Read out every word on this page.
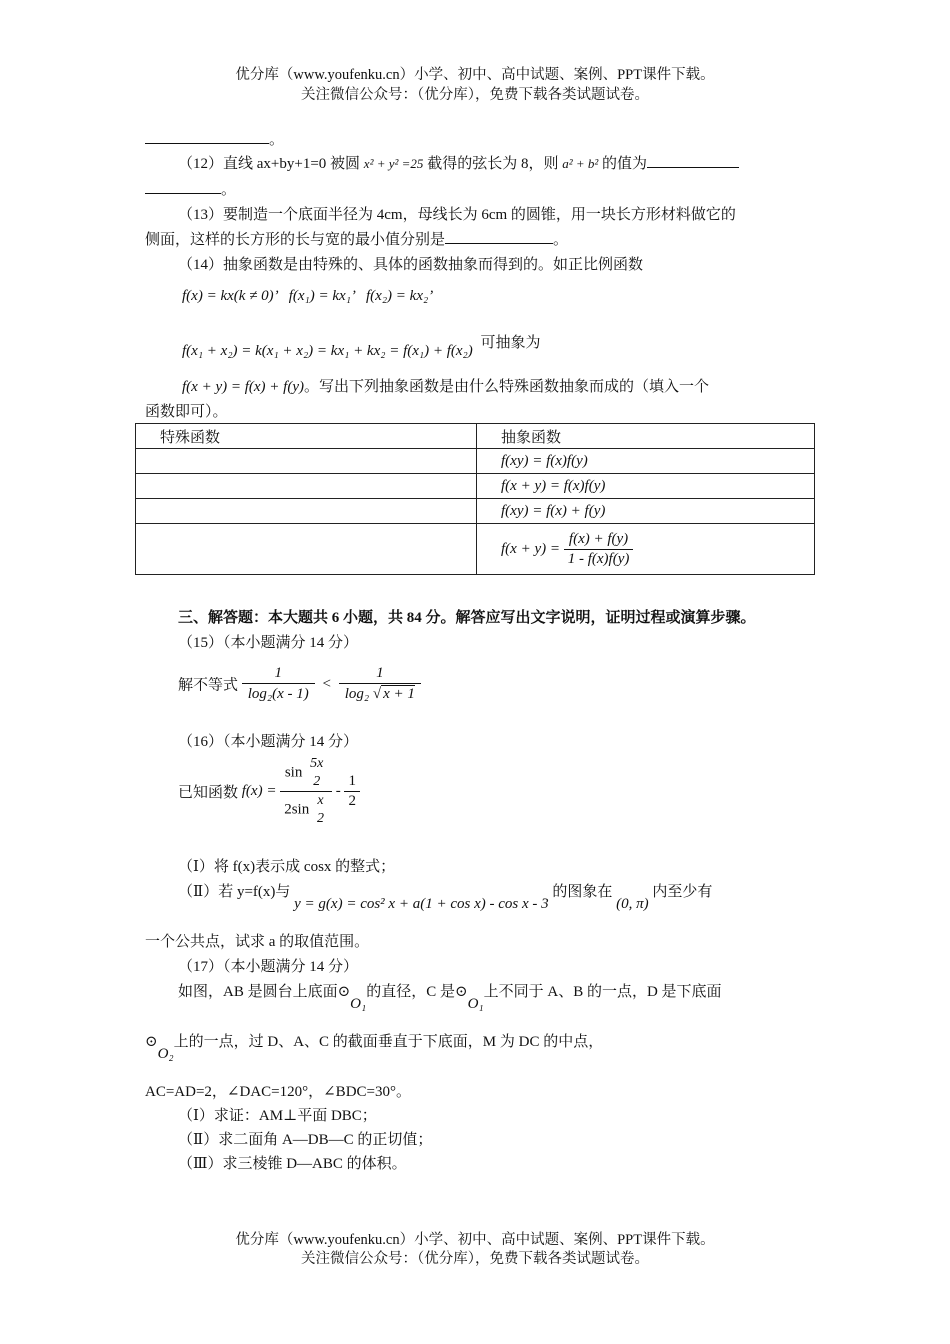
优分库（www.youfenku.cn）小学、初中、高中试题、案例、PPT课件下载。
关注微信公众号：（优分库），免费下载各类试题试卷。
。
（12）直线 ax+by+1=0 被圆 x² + y² =25 截得的弦长为 8，则 a² + b² 的值为
。
（13）要制造一个底面半径为 4cm，母线长为 6cm 的圆锥，用一块长方形材料做它的
侧面，这样的长方形的长与宽的最小值分别是	。
（14）抽象函数是由特殊的、具体的函数抽象而得到的。如正比例函数
f(x) = kx(k ≠ 0)’ f(x₁) = kx₁’ f(x₂) = kx₂’
f(x₁ + x₂) = k(x₁ + x₂) = kx₁ + kx₂ = f(x₁) + f(x₂) 可抽象为
f(x + y) = f(x) + f(y)。写出下列抽象函数是由什么特殊函数抽象而成的（填入一个
函数即可）。
特殊函数	抽象函数
	f(xy) = f(x)f(y)
	f(x + y) = f(x)f(y)
	f(xy) = f(x) + f(y)
	$f(x + y) = \frac{f(x) + f(y)}{1 - f(x)f(y)}$
三、解答题：本大题共 6 小题，共 84 分。解答应写出文字说明，证明过程或演算步骤。
（15）（本小题满分 14 分）
解不等式 $\frac{1}{\text{log₂(x - 1)}} < \frac{1}{\text{log₂ √ x + 1}}$
（16）（本小题满分 14 分）
已知函数 f(x) = sin
5x
2
2sin
x
$2 - \frac{1}{2}$
（Ⅰ）将 f(x)表示成 cosx 的整式；
（Ⅱ）若 y=f(x)与 y = g(x) = cos² x + a(1 + cos x) - cos x - 3 的图象在 (0, π) 内至少有
一个公共点，试求 a 的取值范围。
（17）（本小题满分 14 分）
如图，AB 是圆台上底面⊙O₁的直径，C 是⊙O₁上不同于 A、B 的一点，D 是下底面
⊙O₂上的一点，过 D、A、C 的截面垂直于下底面，M 为 DC 的中点，
AC=AD=2，∠DAC=120°，∠BDC=30°。
（Ⅰ）求证：AM⊥平面 DBC；
（Ⅱ）求二面角 A—DB—C 的正切值；
（Ⅲ）求三棱锥 D—ABC 的体积。
优分库（www.youfenku.cn）小学、初中、高中试题、案例、PPT课件下载。
关注微信公众号：（优分库），免费下载各类试题试卷。
